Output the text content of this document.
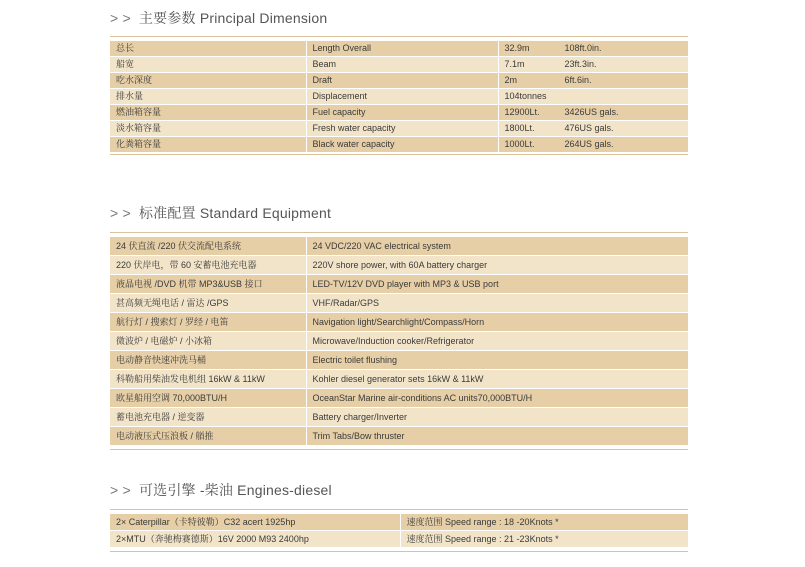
> > 主要参数 Principal Dimension
总长	Length Overall	32.9m 108ft.0in.
船宽	Beam	7.1m 23ft.3in.
吃水深度	Draft	2m 6ft.6in.
排水量	Displacement	104tonnes
燃油箱容量	Fuel capacity	12900Lt. 3426US gals.
淡水箱容量	Fresh water capacity	1800Lt. 476US gals.
化粪箱容量	Black water capacity	1000Lt. 264US gals.
> > 标准配置 Standard Equipment
24 伏直流 /220 伏交流配电系统	24 VDC/220 VAC electrical system
220 伏岸电，带 60 安蓄电池充电器	220V shore power, with 60A battery charger
液晶电视 /DVD 机带 MP3&USB 接口	LED-TV/12V DVD player with MP3 & USB port
甚高频无绳电话 / 雷达 /GPS	VHF/Radar/GPS
航行灯 / 搜索灯 / 罗经 / 电笛	Navigation light/Searchlight/Compass/Horn
微波炉 / 电磁炉 / 小冰箱	Microwave/Induction cooker/Refrigerator
电动静音快速冲洗马桶	Electric toilet flushing
科勒船用柴油发电机组 16kW & 11kW	Kohler diesel generator sets 16kW & 11kW
欧星船用空调 70,000BTU/H	OceanStar Marine air-conditions AC units70,000BTU/H
蓄电池充电器 / 逆变器	Battery charger/Inverter
电动液压式压浪板 / 艏推	Trim Tabs/Bow thruster
> > 可选引擎 -柴油 Engines-diesel
2× Caterpillar（卡特彼勒）C32 acert 1925hp	速度范围 Speed range : 18 -20Knots *
2×MTU（奔驰梅赛德斯）16V 2000 M93 2400hp	速度范围 Speed range : 21 -23Knots *
